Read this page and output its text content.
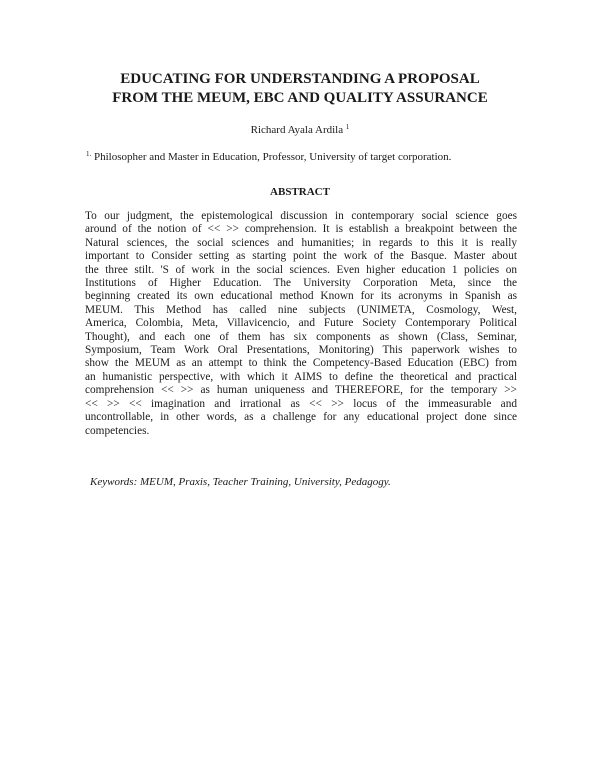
EDUCATING FOR UNDERSTANDING A PROPOSAL
FROM THE MEUM, EBC AND QUALITY ASSURANCE
Richard Ayala Ardila $^1$
$^{1.}$ Philosopher and Master in Education, Professor, University of target corporation.
ABSTRACT
To our judgment, the epistemological discussion in contemporary social science goes
around of the notion of << >> comprehension. It is establish a breakpoint between the
Natural sciences, the social sciences and humanities; in regards to this it is really
important to Consider setting as starting point the work of the Basque. Master about
the three stilt. 'S of work in the social sciences. Even higher education 1 policies on
Institutions of Higher Education. The University Corporation Meta, since the
beginning created its own educational method Known for its acronyms in Spanish as
MEUM. This Method has called nine subjects (UNIMETA, Cosmology, West,
America, Colombia, Meta, Villavicencio, and Future Society Contemporary Political
Thought), and each one of them has six components as shown (Class, Seminar,
Symposium, Team Work Oral Presentations, Monitoring) This paperwork wishes to
show the MEUM as an attempt to think the Competency-Based Education (EBC) from
an humanistic perspective, with which it AIMS to define the theoretical and practical
comprehension << >> as human uniqueness and THEREFORE, for the temporary >>
<< >> << imagination and irrational as << >> locus of the immeasurable and
uncontrollable, in other words, as a challenge for any educational project done since
competencies.
Keywords: MEUM, Praxis, Teacher Training, University, Pedagogy.
